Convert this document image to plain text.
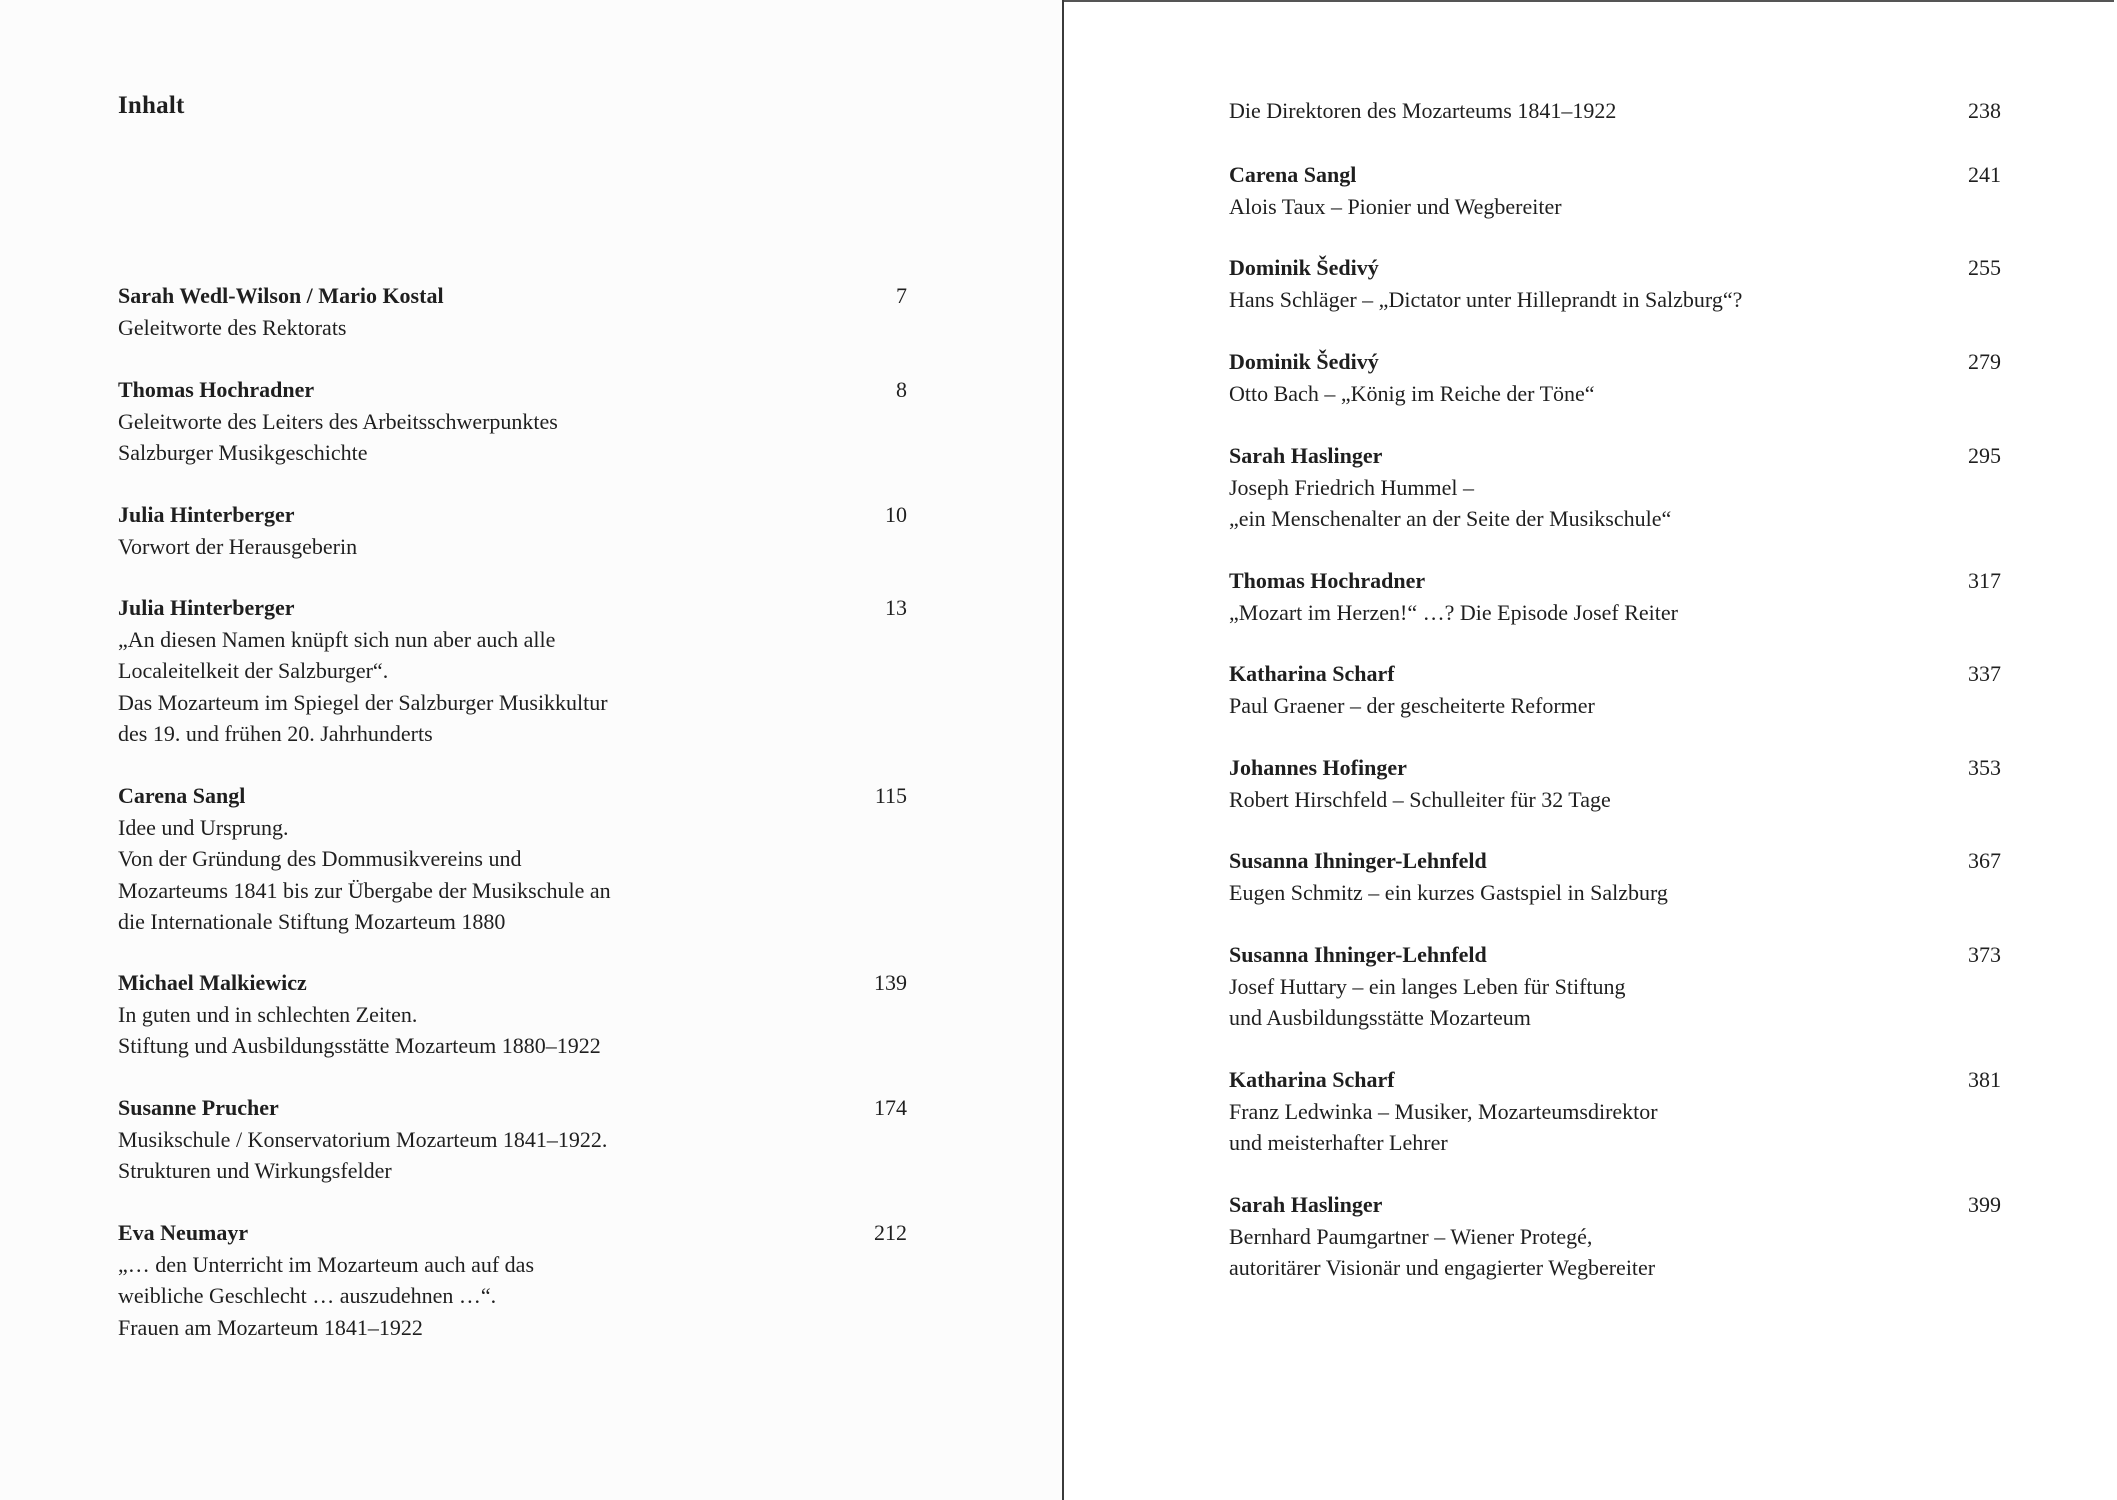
Inhalt
7
Sarah Wedl-Wilson / Mario Kostal
Geleitworte des Rektorats
8
Thomas Hochradner
Geleitworte des Leiters des Arbeitsschwerpunktes
Salzburger Musikgeschichte
10
Julia Hinterberger
Vorwort der Herausgeberin
13
Julia Hinterberger
„An diesen Namen knüpft sich nun aber auch alle
Localeitelkeit der Salzburger“.
Das Mozarteum im Spiegel der Salzburger Musikkultur
des 19. und frühen 20. Jahrhunderts
115
Carena Sangl
Idee und Ursprung.
Von der Gründung des Dommusikvereins und
Mozarteums 1841 bis zur Übergabe der Musikschule an
die Internationale Stiftung Mozarteum 1880
139
Michael Malkiewicz
In guten und in schlechten Zeiten.
Stiftung und Ausbildungsstätte Mozarteum 1880–1922
174
Susanne Prucher
Musikschule / Konservatorium Mozarteum 1841–1922.
Strukturen und Wirkungsfelder
212
Eva Neumayr
„… den Unterricht im Mozarteum auch auf das
weibliche Geschlecht … auszudehnen …“.
Frauen am Mozarteum 1841–1922
238
Die Direktoren des Mozarteums 1841–1922
241
Carena Sangl
Alois Taux – Pionier und Wegbereiter
255
Dominik Šedivý
Hans Schläger – „Dictator unter Hilleprandt in Salzburg“?
279
Dominik Šedivý
Otto Bach – „König im Reiche der Töne“
295
Sarah Haslinger
Joseph Friedrich Hummel –
„ein Menschenalter an der Seite der Musikschule“
317
Thomas Hochradner
„Mozart im Herzen!“ …? Die Episode Josef Reiter
337
Katharina Scharf
Paul Graener – der gescheiterte Reformer
353
Johannes Hofinger
Robert Hirschfeld – Schulleiter für 32 Tage
367
Susanna Ihninger-Lehnfeld
Eugen Schmitz – ein kurzes Gastspiel in Salzburg
373
Susanna Ihninger-Lehnfeld
Josef Huttary – ein langes Leben für Stiftung
und Ausbildungsstätte Mozarteum
381
Katharina Scharf
Franz Ledwinka – Musiker, Mozarteumsdirektor
und meisterhafter Lehrer
399
Sarah Haslinger
Bernhard Paumgartner – Wiener Protegé,
autoritärer Visionär und engagierter Wegbereiter
